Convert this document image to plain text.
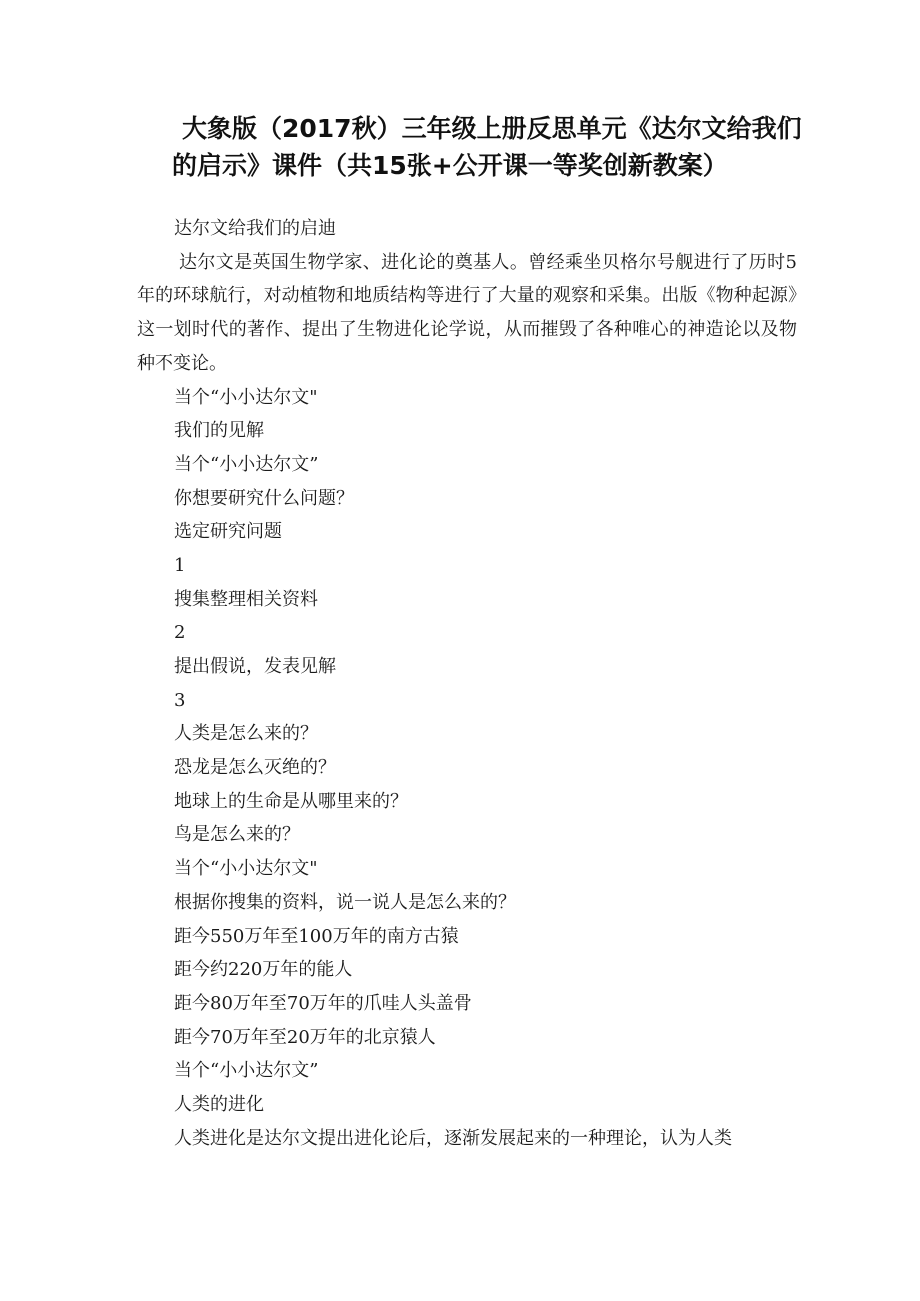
大象版（2017秋）三年级上册反思单元《达尔文给我们的启示》课件（共15张+公开课一等奖创新教案）
达尔文给我们的启迪

达尔文是英国生物学家、进化论的奠基人。曾经乘坐贝格尔号舰进行了历时5年的环球航行，对动植物和地质结构等进行了大量的观察和采集。出版《物种起源》这一划时代的著作、提出了生物进化论学说，从而摧毁了各种唯心的神造论以及物种不变论。

当个“小小达尔文"
我们的见解
当个“小小达尔文”
你想要研究什么问题？
选定研究问题
1
搜集整理相关资料
2
提出假说，发表见解
3
人类是怎么来的？
恐龙是怎么灭绝的？
地球上的生命是从哪里来的？
鸟是怎么来的？
当个“小小达尔文"
根据你搜集的资料，说一说人是怎么来的？
距今550万年至100万年的南方古猿
距今约220万年的能人
距今80万年至70万年的爪哇人头盖骨
距今70万年至20万年的北京猿人
当个“小小达尔文”
人类的进化
人类进化是达尔文提出进化论后，逐渐发展起来的一种理论，认为人类
